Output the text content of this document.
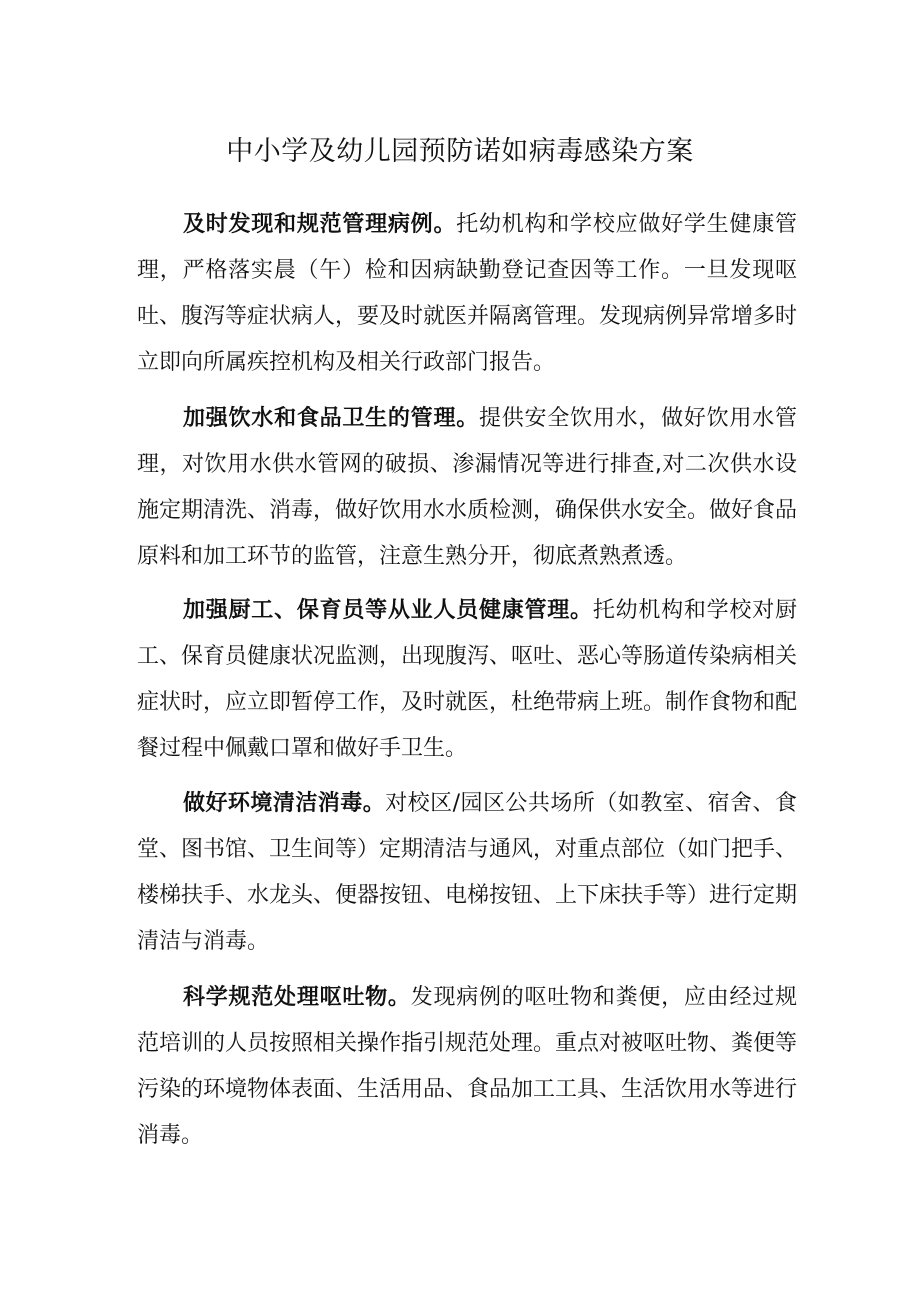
中小学及幼儿园预防诺如病毒感染方案

及时发现和规范管理病例。托幼机构和学校应做好学生健康管理，严格落实晨（午）检和因病缺勤登记查因等工作。一旦发现呕吐、腹泻等症状病人，要及时就医并隔离管理。发现病例异常增多时立即向所属疾控机构及相关行政部门报告。

加强饮水和食品卫生的管理。提供安全饮用水，做好饮用水管理，对饮用水供水管网的破损、渗漏情况等进行排查,对二次供水设施定期清洗、消毒，做好饮用水水质检测，确保供水安全。做好食品原料和加工环节的监管，注意生熟分开，彻底煮熟煮透。

加强厨工、保育员等从业人员健康管理。托幼机构和学校对厨工、保育员健康状况监测，出现腹泻、呕吐、恶心等肠道传染病相关症状时，应立即暂停工作，及时就医，杜绝带病上班。制作食物和配餐过程中佩戴口罩和做好手卫生。

做好环境清洁消毒。对校区/园区公共场所（如教室、宿舍、食堂、图书馆、卫生间等）定期清洁与通风，对重点部位（如门把手、楼梯扶手、水龙头、便器按钮、电梯按钮、上下床扶手等）进行定期清洁与消毒。

科学规范处理呕吐物。发现病例的呕吐物和粪便，应由经过规范培训的人员按照相关操作指引规范处理。重点对被呕吐物、粪便等污染的环境物体表面、生活用品、食品加工工具、生活饮用水等进行消毒。
